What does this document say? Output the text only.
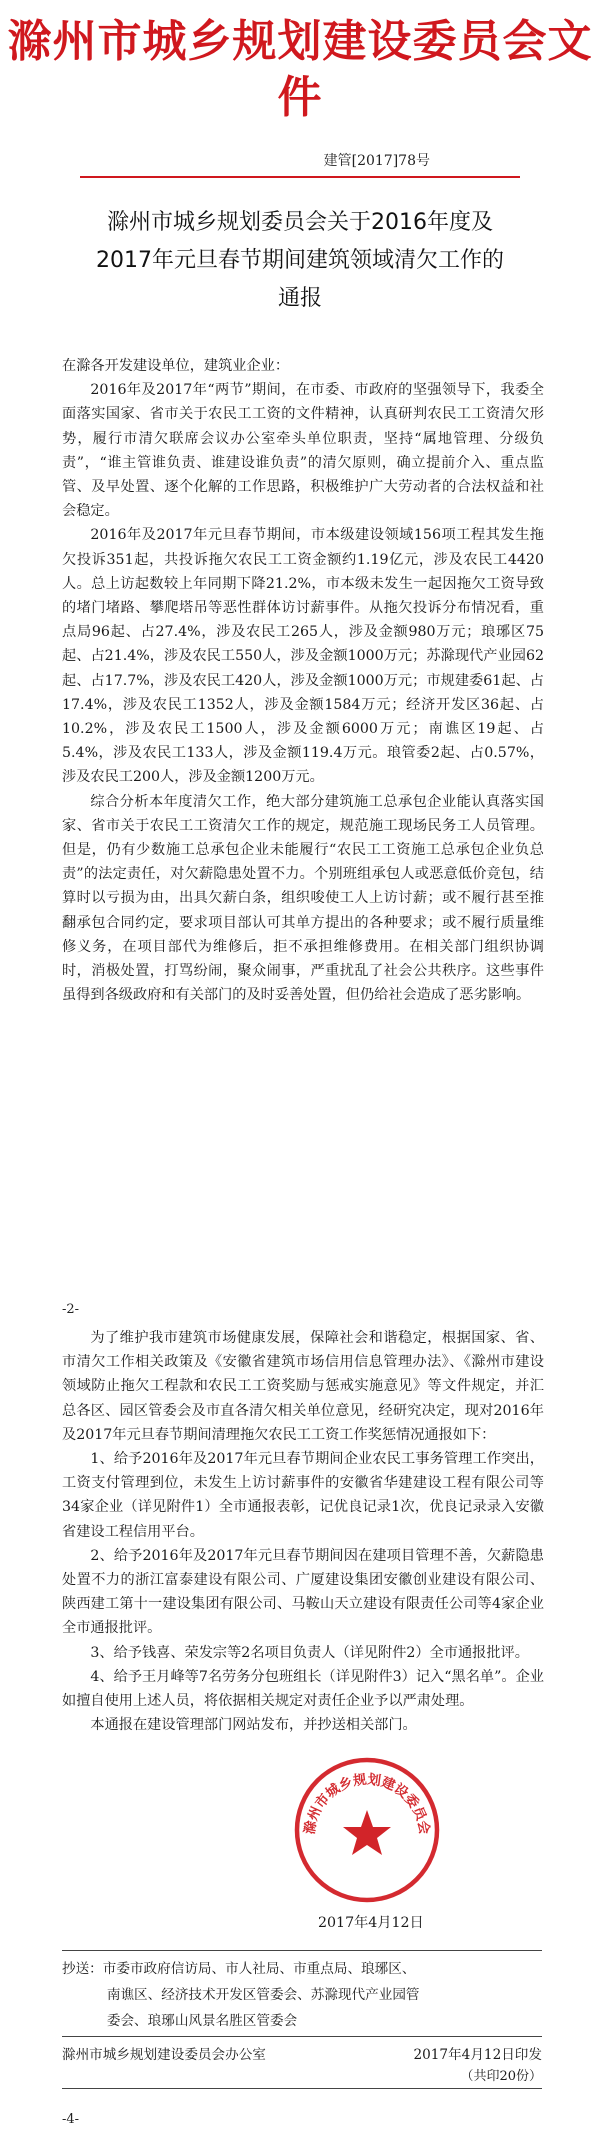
滁州市城乡规划建设委员会文件
建管[2017]78号
滁州市城乡规划委员会关于2016年度及2017年元旦春节期间建筑领域清欠工作的通报

在滁各开发建设单位，建筑业企业：

2016年及2017年“两节”期间，在市委、市政府的坚强领导下，我委全面落实国家、省市关于农民工工资的文件精神，认真研判农民工工资清欠形势，履行市清欠联席会议办公室牵头单位职责，坚持“属地管理、分级负责”，“谁主管谁负责、谁建设谁负责”的清欠原则，确立提前介入、重点监管、及早处置、逐个化解的工作思路，积极维护广大劳动者的合法权益和社会稳定。

2016年及2017年元旦春节期间，市本级建设领域156项工程其发生拖欠投诉351起，共投诉拖欠农民工工资金额约1.19亿元，涉及农民工4420人。总上访起数较上年同期下降21.2%，市本级未发生一起因拖欠工资导致的堵门堵路、攀爬塔吊等恶性群体访讨薪事件。从拖欠投诉分布情况看，重点局96起、占27.4%，涉及农民工265人，涉及金额980万元；琅琊区75起、占21.4%，涉及农民工550人，涉及金额1000万元；苏滁现代产业园62起、占17.7%，涉及农民工420人，涉及金额1000万元；市规建委61起、占17.4%，涉及农民工1352人，涉及金额1584万元；经济开发区36起、占10.2%，涉及农民工1500人，涉及金额6000万元；南谯区19起、占5.4%，涉及农民工133人，涉及金额119.4万元。琅管委2起、占0.57%，涉及农民工200人，涉及金额1200万元。

综合分析本年度清欠工作，绝大部分建筑施工总承包企业能认真落实国家、省市关于农民工工资清欠工作的规定，规范施工现场民务工人员管理。但是，仍有少数施工总承包企业未能履行“农民工工资施工总承包企业负总责”的法定责任，对欠薪隐患处置不力。个别班组承包人或恶意低价竞包，结算时以亏损为由，出具欠薪白条，组织唆使工人上访讨薪；或不履行甚至推翻承包合同约定，要求项目部认可其单方提出的各种要求；或不履行质量维修义务，在项目部代为维修后，拒不承担维修费用。在相关部门组织协调时，消极处置，打骂纷闹，聚众闹事，严重扰乱了社会公共秩序。这些事件虽得到各级政府和有关部门的及时妥善处置，但仍给社会造成了恶劣影响。

-2-

为了维护我市建筑市场健康发展，保障社会和谐稳定，根据国家、省、市清欠工作相关政策及《安徽省建筑市场信用信息管理办法》、《滁州市建设领域防止拖欠工程款和农民工工资奖励与惩戒实施意见》等文件规定，并汇总各区、园区管委会及市直各清欠相关单位意见，经研究决定，现对2016年及2017年元旦春节期间清理拖欠农民工工资工作奖惩情况通报如下：

1、给予2016年及2017年元旦春节期间企业农民工事务管理工作突出，工资支付管理到位，未发生上访讨薪事件的安徽省华建建设工程有限公司等34家企业（详见附件1）全市通报表彰，记优良记录1次，优良记录录入安徽省建设工程信用平台。

2、给予2016年及2017年元旦春节期间因在建项目管理不善，欠薪隐患处置不力的浙江富泰建设有限公司、广厦建设集团安徽创业建设有限公司、陕西建工第十一建设集团有限公司、马鞍山天立建设有限责任公司等4家企业全市通报批评。

3、给予钱喜、荣发宗等2名项目负责人（详见附件2）全市通报批评。

4、给予王月峰等7名劳务分包班组长（详见附件3）记入“黑名单”。企业如擅自使用上述人员，将依据相关规定对责任企业予以严肃处理。

本通报在建设管理部门网站发布，并抄送相关部门。

滁州市城乡规划建设委员会
2017年4月12日
抄送：市委市政府信访局、市人社局、市重点局、琅琊区、
南谯区、经济技术开发区管委会、苏滁现代产业园管
委会、琅琊山风景名胜区管委会
滁州市城乡规划建设委员会办公室	2017年4月12日印发
（共印20份）
-4-
